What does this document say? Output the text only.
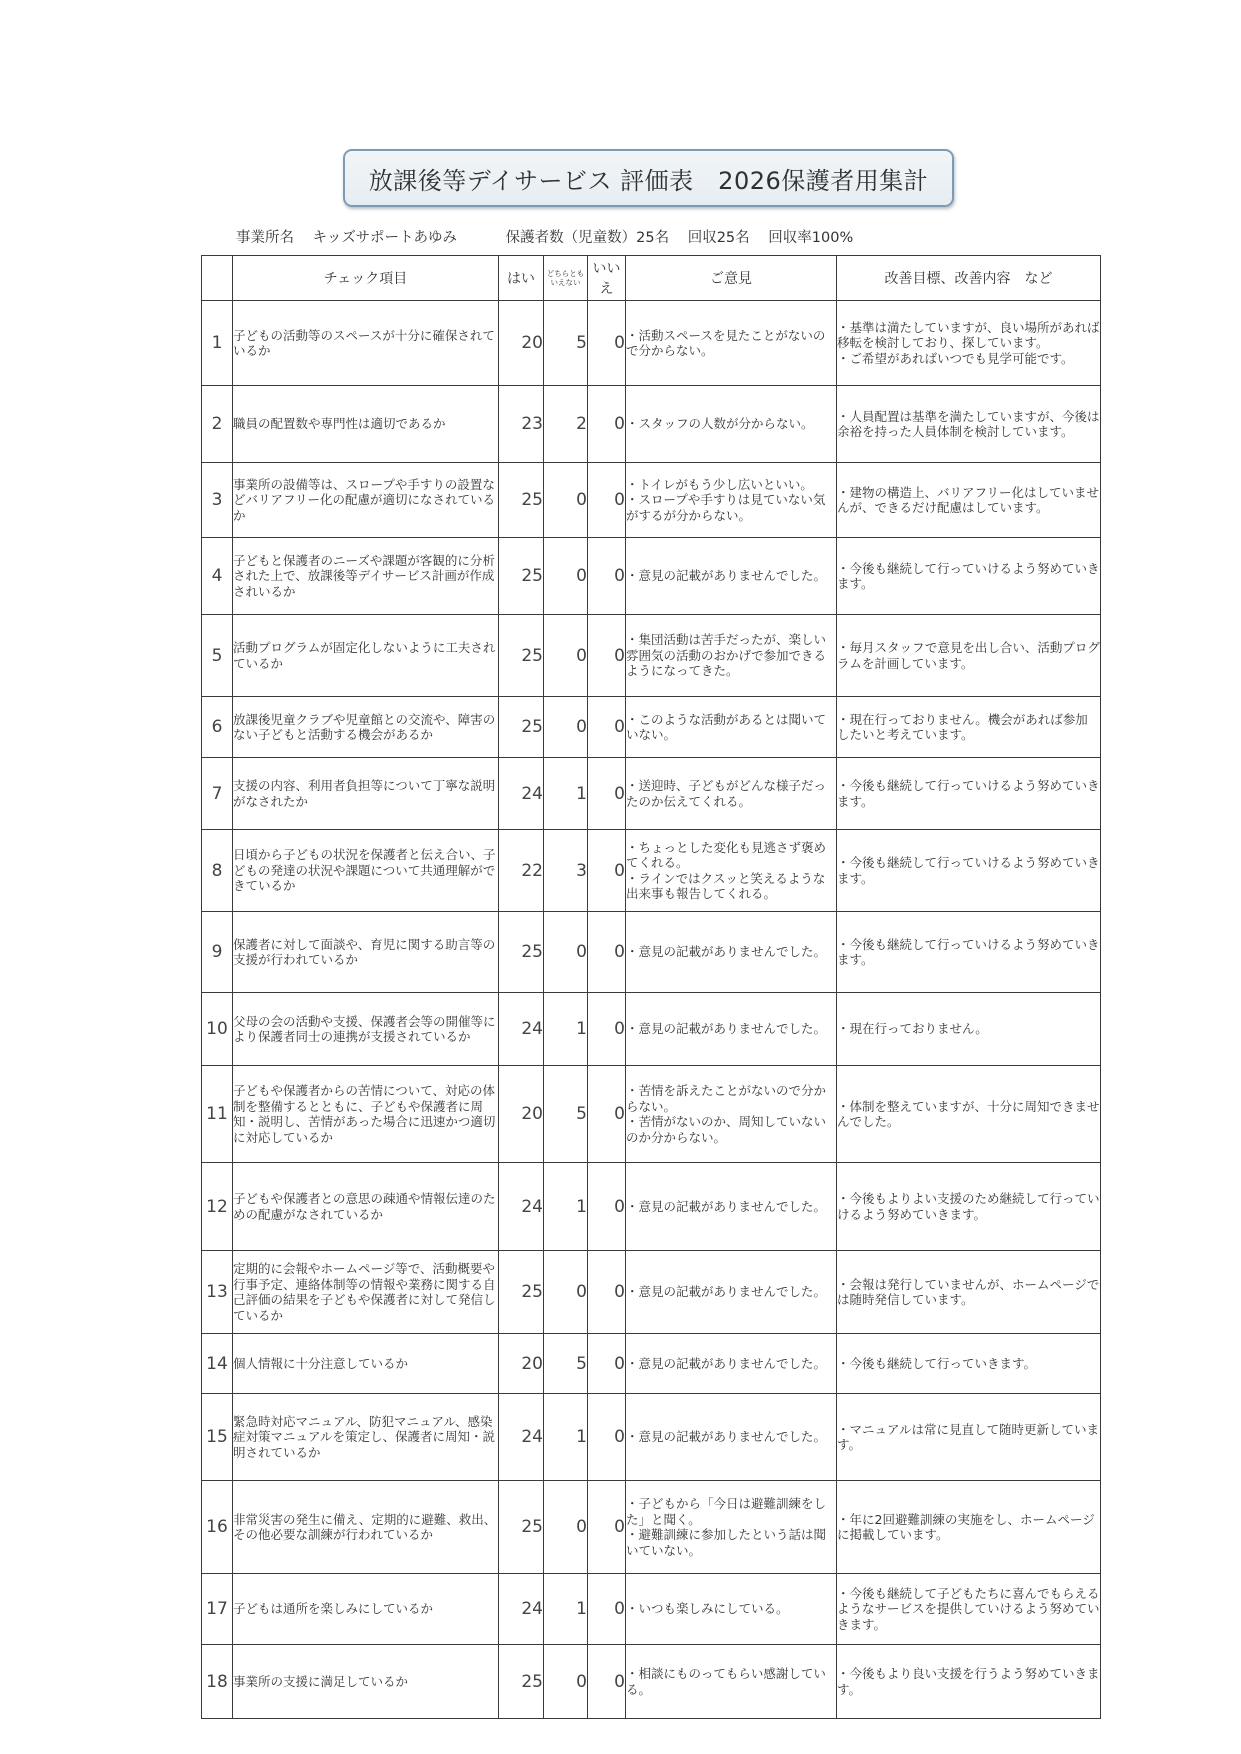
放課後等デイサービス 評価表　2026保護者用集計
事業所名 キッズサポートあゆみ	保護者数（児童数）25名 回収25名 回収率100%
	チェック項目	はい	どちらともいえない	いいえ	ご意見	改善目標、改善内容　など
1	子どもの活動等のスペースが十分に確保されているか	20	5	0	・活動スペースを見たことがないので分からない。	・基準は満たしていますが、良い場所があれば移転を検討しており、探しています。
・ご希望があればいつでも見学可能です。

2	職員の配置数や専門性は適切であるか	23	2	0	・スタッフの人数が分からない。	・人員配置は基準を満たしていますが、今後は余裕を持った人員体制を検討しています。

3	事業所の設備等は、スロープや手すりの設置などバリアフリー化の配慮が適切になされているか	25	0	0	・トイレがもう少し広いといい。
・スロープや手すりは見ていない気がするが分からない。	・建物の構造上、バリアフリー化はしていませんが、できるだけ配慮はしています。

4	子どもと保護者のニーズや課題が客観的に分析された上で、放課後等デイサービス計画が作成されいるか	25	0	0	・意見の記載がありませんでした。	・今後も継続して行っていけるよう努めていきます。

5	活動プログラムが固定化しないように工夫されているか	25	0	0	・集団活動は苦手だったが、楽しい雰囲気の活動のおかげで参加できるようになってきた。	・毎月スタッフで意見を出し合い、活動プログラムを計画しています。

6	放課後児童クラブや児童館との交流や、障害のない子どもと活動する機会があるか	25	0	0	・このような活動があるとは聞いていない。	・現在行っておりません。機会があれば参加したいと考えています。

7	支援の内容、利用者負担等について丁寧な説明がなされたか	24	1	0	・送迎時、子どもがどんな様子だったのか伝えてくれる。	・今後も継続して行っていけるよう努めていきます。

8	日頃から子どもの状況を保護者と伝え合い、子どもの発達の状況や課題について共通理解ができているか	22	3	0	・ちょっとした変化も見逃さず褒めてくれる。
・ラインではクスッと笑えるような出来事も報告してくれる。	・今後も継続して行っていけるよう努めていきます。

9	保護者に対して面談や、育児に関する助言等の支援が行われているか	25	0	0	・意見の記載がありませんでした。	・今後も継続して行っていけるよう努めていきます。

10	父母の会の活動や支援、保護者会等の開催等により保護者同士の連携が支援されているか	24	1	0	・意見の記載がありませんでした。	・現在行っておりません。

11	子どもや保護者からの苦情について、対応の体制を整備するとともに、子どもや保護者に周知・説明し、苦情があった場合に迅速かつ適切に対応しているか	20	5	0	・苦情を訴えたことがないので分からない。
・苦情がないのか、周知していないのか分からない。	・体制を整えていますが、十分に周知できませんでした。

12	子どもや保護者との意思の疎通や情報伝達のための配慮がなされているか	24	1	0	・意見の記載がありませんでした。	・今後もよりよい支援のため継続して行っていけるよう努めていきます。

13	定期的に会報やホームページ等で、活動概要や行事予定、連絡体制等の情報や業務に関する自己評価の結果を子どもや保護者に対して発信しているか	25	0	0	・意見の記載がありませんでした。	・会報は発行していませんが、ホームページでは随時発信しています。

14	個人情報に十分注意しているか	20	5	0	・意見の記載がありませんでした。	・今後も継続して行っていきます。

15	緊急時対応マニュアル、防犯マニュアル、感染症対策マニュアルを策定し、保護者に周知・説明されているか	24	1	0	・意見の記載がありませんでした。	・マニュアルは常に見直して随時更新しています。

16	非常災害の発生に備え、定期的に避難、救出、その他必要な訓練が行われているか	25	0	0	・子どもから「今日は避難訓練をした」と聞く。
・避難訓練に参加したという話は聞いていない。	・年に2回避難訓練の実施をし、ホームページに掲載しています。

17	子どもは通所を楽しみにしているか	24	1	0	・いつも楽しみにしている。	・今後も継続して子どもたちに喜んでもらえるようなサービスを提供していけるよう努めていきます。

18	事業所の支援に満足しているか	25	0	0	・相談にものってもらい感謝している。	・今後もより良い支援を行うよう努めていきます。
